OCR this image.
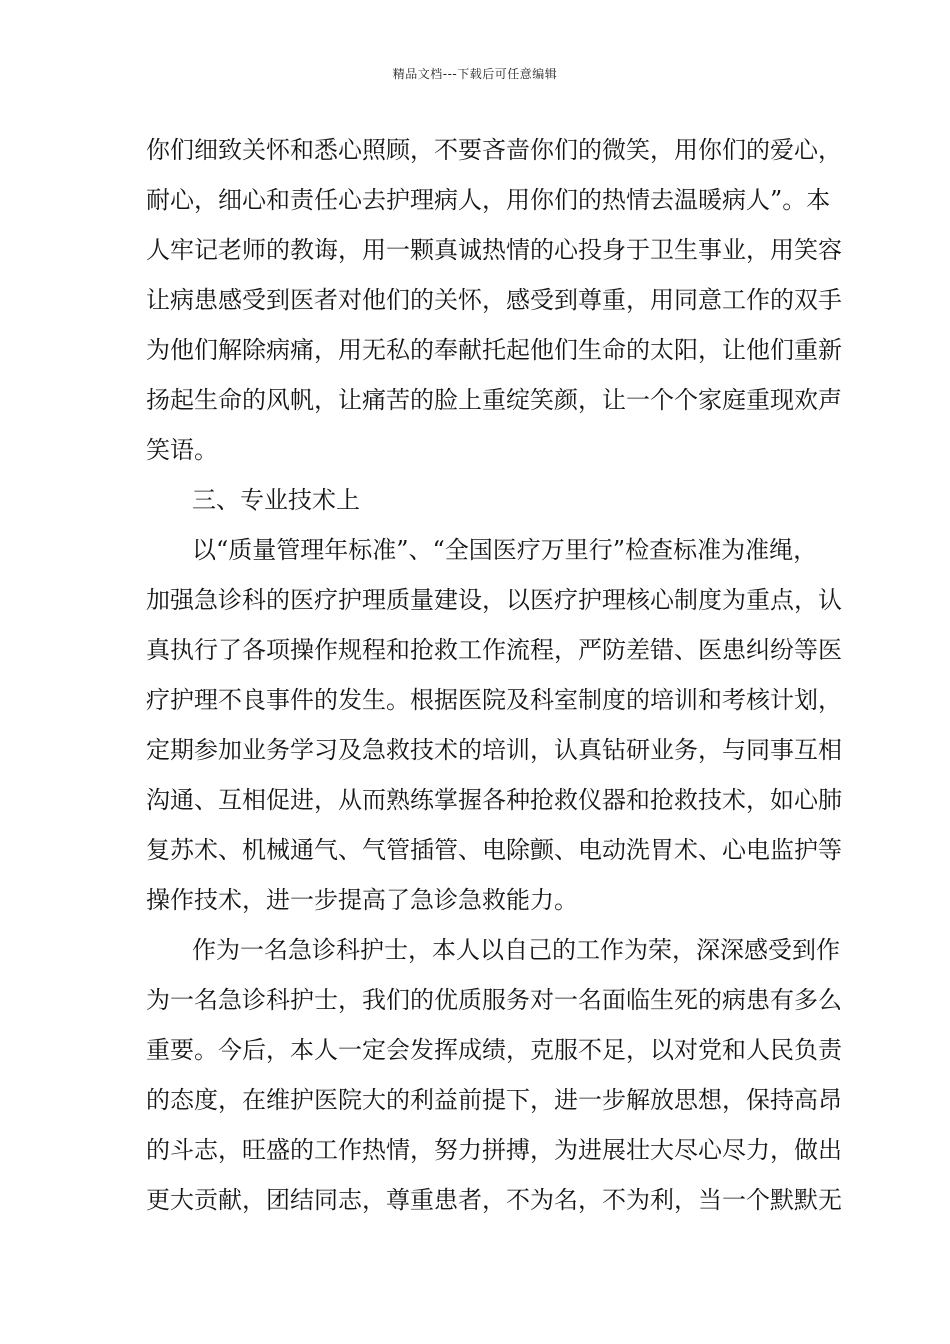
精品文档---下载后可任意编辑
你们细致关怀和悉心照顾，不要吝啬你们的微笑，用你们的爱心，
耐心，细心和责任心去护理病人，用你们的热情去温暖病人”。本
人牢记老师的教诲，用一颗真诚热情的心投身于卫生事业，用笑容
让病患感受到医者对他们的关怀，感受到尊重，用同意工作的双手
为他们解除病痛，用无私的奉献托起他们生命的太阳，让他们重新
扬起生命的风帆，让痛苦的脸上重绽笑颜，让一个个家庭重现欢声
笑语。
三、专业技术上
以“质量管理年标准”、“全国医疗万里行”检查标准为准绳，
加强急诊科的医疗护理质量建设，以医疗护理核心制度为重点，认
真执行了各项操作规程和抢救工作流程，严防差错、医患纠纷等医
疗护理不良事件的发生。根据医院及科室制度的培训和考核计划，
定期参加业务学习及急救技术的培训，认真钻研业务，与同事互相
沟通、互相促进，从而熟练掌握各种抢救仪器和抢救技术，如心肺
复苏术、机械通气、气管插管、电除颤、电动洗胃术、心电监护等
操作技术，进一步提高了急诊急救能力。
作为一名急诊科护士，本人以自己的工作为荣，深深感受到作
为一名急诊科护士，我们的优质服务对一名面临生死的病患有多么
重要。今后，本人一定会发挥成绩，克服不足，以对党和人民负责
的态度，在维护医院大的利益前提下，进一步解放思想，保持高昂
的斗志，旺盛的工作热情，努力拼搏，为进展壮大尽心尽力，做出
更大贡献，团结同志，尊重患者，不为名，不为利，当一个默默无
